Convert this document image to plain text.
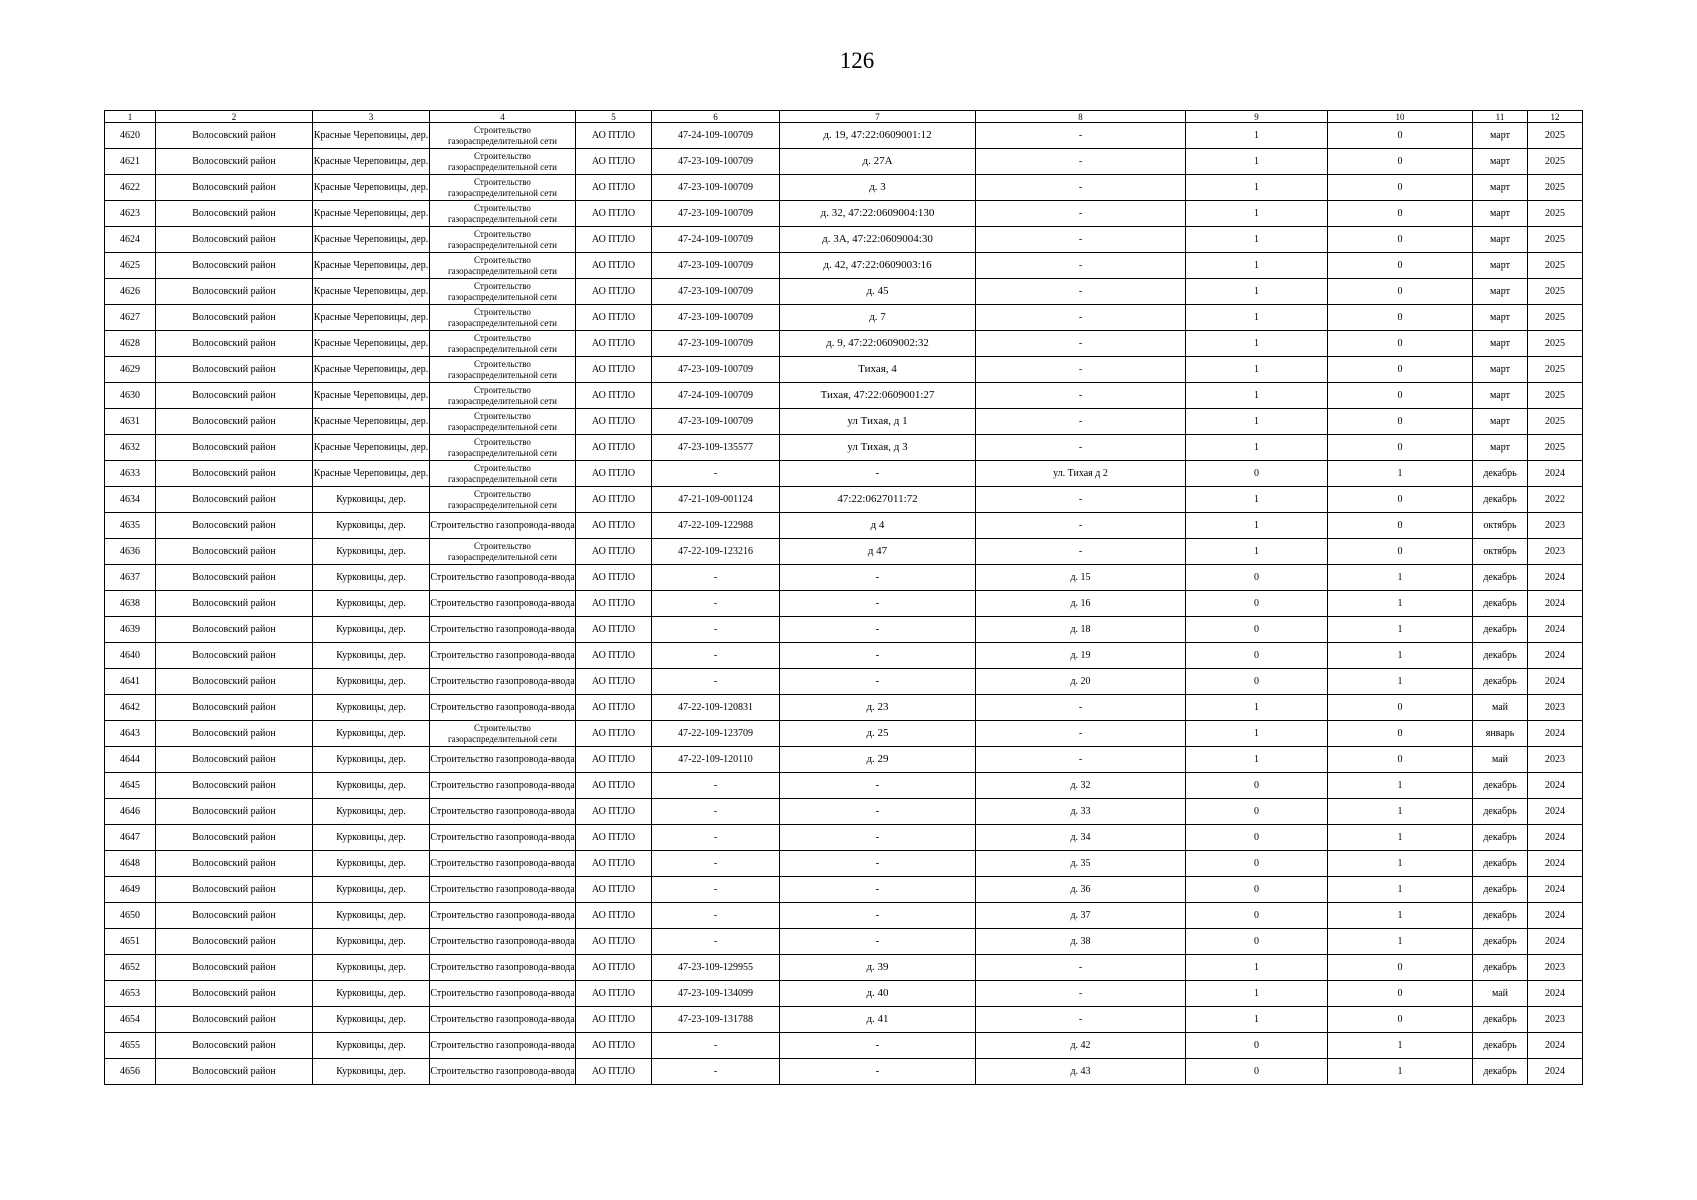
126
1	2	3	4	5	6	7	8	9	10	11	12
4620	Волосовский район	Красные Череповицы, дер.	Строительство газораспределительной сети	АО ПТЛО	47-24-109-100709	д. 19, 47:22:0609001:12	-	1	0	март	2025
4621	Волосовский район	Красные Череповицы, дер.	Строительство газораспределительной сети	АО ПТЛО	47-23-109-100709	д. 27А	-	1	0	март	2025
4622	Волосовский район	Красные Череповицы, дер.	Строительство газораспределительной сети	АО ПТЛО	47-23-109-100709	д. 3	-	1	0	март	2025
4623	Волосовский район	Красные Череповицы, дер.	Строительство газораспределительной сети	АО ПТЛО	47-23-109-100709	д. 32, 47:22:0609004:130	-	1	0	март	2025
4624	Волосовский район	Красные Череповицы, дер.	Строительство газораспределительной сети	АО ПТЛО	47-24-109-100709	д. 3А, 47:22:0609004:30	-	1	0	март	2025
4625	Волосовский район	Красные Череповицы, дер.	Строительство газораспределительной сети	АО ПТЛО	47-23-109-100709	д. 42, 47:22:0609003:16	-	1	0	март	2025
4626	Волосовский район	Красные Череповицы, дер.	Строительство газораспределительной сети	АО ПТЛО	47-23-109-100709	д. 45	-	1	0	март	2025
4627	Волосовский район	Красные Череповицы, дер.	Строительство газораспределительной сети	АО ПТЛО	47-23-109-100709	д. 7	-	1	0	март	2025
4628	Волосовский район	Красные Череповицы, дер.	Строительство газораспределительной сети	АО ПТЛО	47-23-109-100709	д. 9, 47:22:0609002:32	-	1	0	март	2025
4629	Волосовский район	Красные Череповицы, дер.	Строительство газораспределительной сети	АО ПТЛО	47-23-109-100709	Тихая, 4	-	1	0	март	2025
4630	Волосовский район	Красные Череповицы, дер.	Строительство газораспределительной сети	АО ПТЛО	47-24-109-100709	Тихая, 47:22:0609001:27	-	1	0	март	2025
4631	Волосовский район	Красные Череповицы, дер.	Строительство газораспределительной сети	АО ПТЛО	47-23-109-100709	ул Тихая, д 1	-	1	0	март	2025
4632	Волосовский район	Красные Череповицы, дер.	Строительство газораспределительной сети	АО ПТЛО	47-23-109-135577	ул Тихая, д 3	-	1	0	март	2025
4633	Волосовский район	Красные Череповицы, дер.	Строительство газораспределительной сети	АО ПТЛО	-	-	ул. Тихая д 2	0	1	декабрь	2024
4634	Волосовский район	Курковицы, дер.	Строительство газораспределительной сети	АО ПТЛО	47-21-109-001124	47:22:0627011:72	-	1	0	декабрь	2022
4635	Волосовский район	Курковицы, дер.	Строительство газопровода-ввода	АО ПТЛО	47-22-109-122988	д 4	-	1	0	октябрь	2023
4636	Волосовский район	Курковицы, дер.	Строительство газораспределительной сети	АО ПТЛО	47-22-109-123216	д 47	-	1	0	октябрь	2023
4637	Волосовский район	Курковицы, дер.	Строительство газопровода-ввода	АО ПТЛО	-	-	д. 15	0	1	декабрь	2024
4638	Волосовский район	Курковицы, дер.	Строительство газопровода-ввода	АО ПТЛО	-	-	д. 16	0	1	декабрь	2024
4639	Волосовский район	Курковицы, дер.	Строительство газопровода-ввода	АО ПТЛО	-	-	д. 18	0	1	декабрь	2024
4640	Волосовский район	Курковицы, дер.	Строительство газопровода-ввода	АО ПТЛО	-	-	д. 19	0	1	декабрь	2024
4641	Волосовский район	Курковицы, дер.	Строительство газопровода-ввода	АО ПТЛО	-	-	д. 20	0	1	декабрь	2024
4642	Волосовский район	Курковицы, дер.	Строительство газопровода-ввода	АО ПТЛО	47-22-109-120831	д. 23	-	1	0	май	2023
4643	Волосовский район	Курковицы, дер.	Строительство газораспределительной сети	АО ПТЛО	47-22-109-123709	д. 25	-	1	0	январь	2024
4644	Волосовский район	Курковицы, дер.	Строительство газопровода-ввода	АО ПТЛО	47-22-109-120110	д. 29	-	1	0	май	2023
4645	Волосовский район	Курковицы, дер.	Строительство газопровода-ввода	АО ПТЛО	-	-	д. 32	0	1	декабрь	2024
4646	Волосовский район	Курковицы, дер.	Строительство газопровода-ввода	АО ПТЛО	-	-	д. 33	0	1	декабрь	2024
4647	Волосовский район	Курковицы, дер.	Строительство газопровода-ввода	АО ПТЛО	-	-	д. 34	0	1	декабрь	2024
4648	Волосовский район	Курковицы, дер.	Строительство газопровода-ввода	АО ПТЛО	-	-	д. 35	0	1	декабрь	2024
4649	Волосовский район	Курковицы, дер.	Строительство газопровода-ввода	АО ПТЛО	-	-	д. 36	0	1	декабрь	2024
4650	Волосовский район	Курковицы, дер.	Строительство газопровода-ввода	АО ПТЛО	-	-	д. 37	0	1	декабрь	2024
4651	Волосовский район	Курковицы, дер.	Строительство газопровода-ввода	АО ПТЛО	-	-	д. 38	0	1	декабрь	2024
4652	Волосовский район	Курковицы, дер.	Строительство газопровода-ввода	АО ПТЛО	47-23-109-129955	д. 39	-	1	0	декабрь	2023
4653	Волосовский район	Курковицы, дер.	Строительство газопровода-ввода	АО ПТЛО	47-23-109-134099	д. 40	-	1	0	май	2024
4654	Волосовский район	Курковицы, дер.	Строительство газопровода-ввода	АО ПТЛО	47-23-109-131788	д. 41	-	1	0	декабрь	2023
4655	Волосовский район	Курковицы, дер.	Строительство газопровода-ввода	АО ПТЛО	-	-	д. 42	0	1	декабрь	2024
4656	Волосовский район	Курковицы, дер.	Строительство газопровода-ввода	АО ПТЛО	-	-	д. 43	0	1	декабрь	2024
